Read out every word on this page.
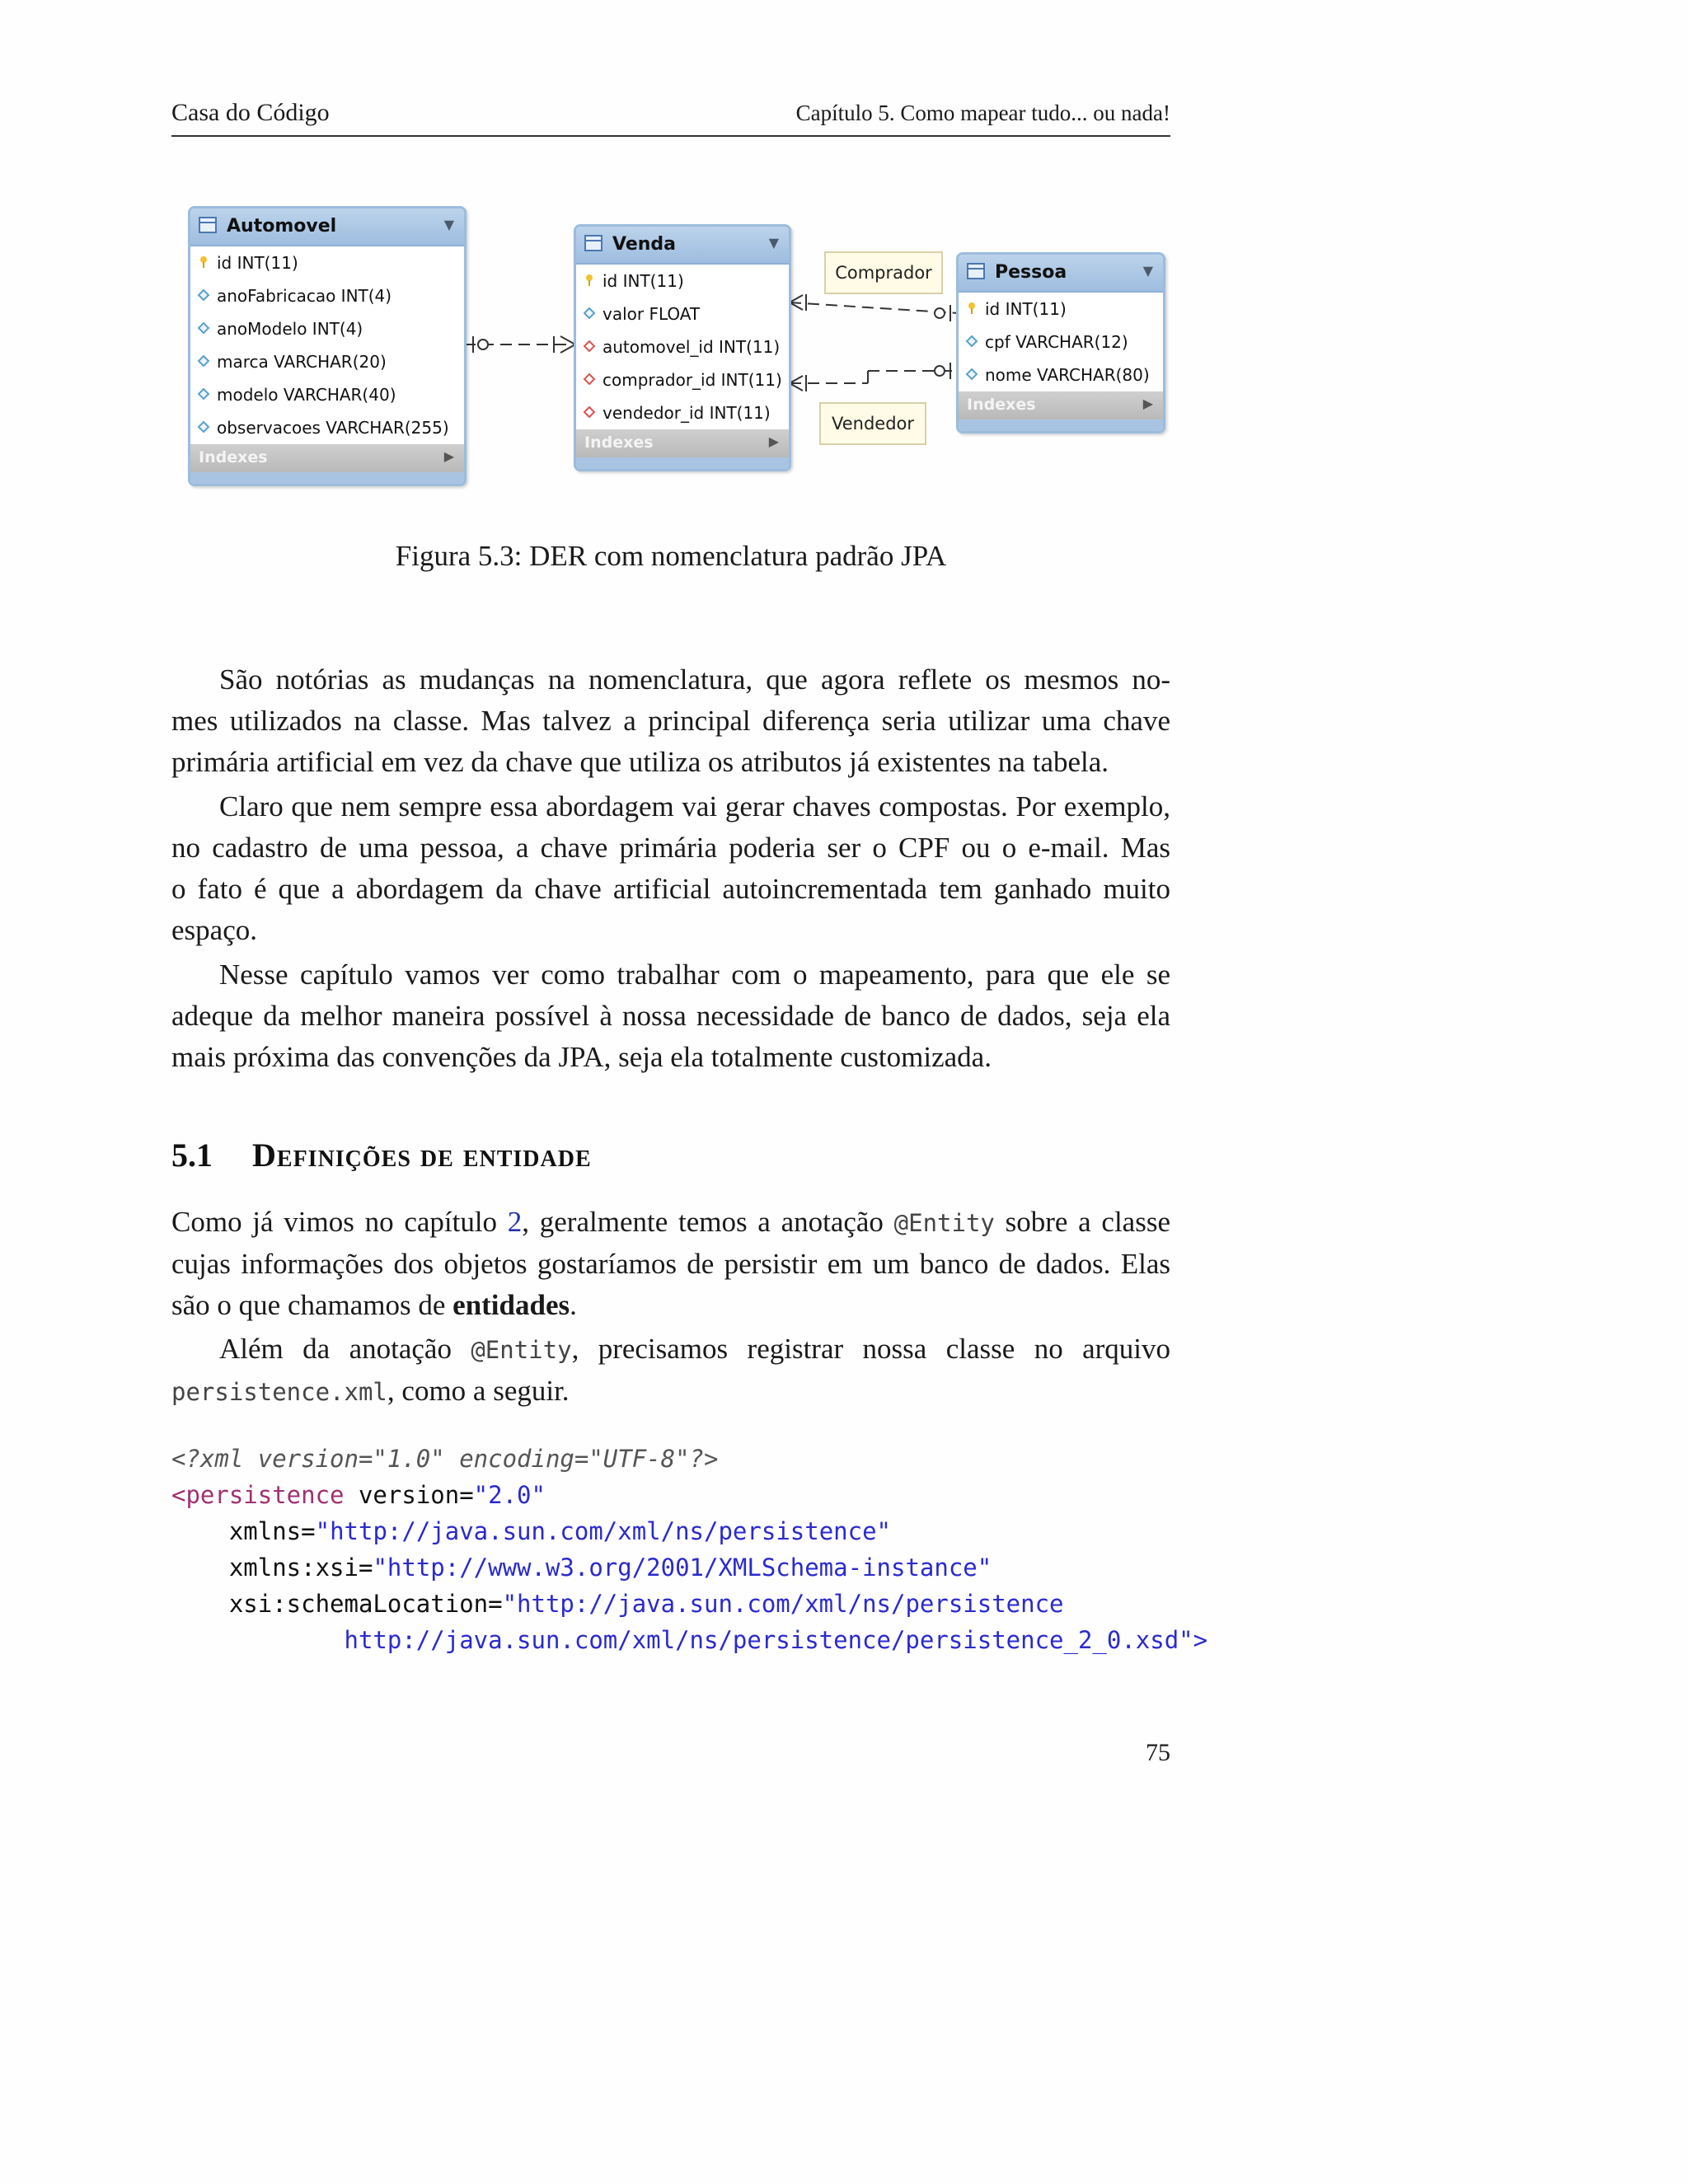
Casa do Código	Capítulo 5. Como mapear tudo... ou nada!
Automovel	▼
id INT(11)
anoFabricacao INT(4)
anoModelo INT(4)
marca VARCHAR(20)
modelo VARCHAR(40)
observacoes VARCHAR(255)
Indexes	▶
Venda	▼
id INT(11)
valor FLOAT
automovel_id INT(11)
comprador_id INT(11)
vendedor_id INT(11)
Indexes	▶
Pessoa	▼
id INT(11)
cpf VARCHAR(12)
nome VARCHAR(80)
Indexes	▶
Comprador
Vendedor
Figura 5.3: DER com nomenclatura padrão JPA

São notórias as mudanças na nomenclatura, que agora reflete os mesmos no-
mes utilizados na classe. Mas talvez a principal diferença seria utilizar uma chave
primária artificial em vez da chave que utiliza os atributos já existentes na tabela.

Claro que nem sempre essa abordagem vai gerar chaves compostas. Por exemplo,
no cadastro de uma pessoa, a chave primária poderia ser o CPF ou o e-mail. Mas
o fato é que a abordagem da chave artificial autoincrementada tem ganhado muito
espaço.

Nesse capítulo vamos ver como trabalhar com o mapeamento, para que ele se
adeque da melhor maneira possível à nossa necessidade de banco de dados, seja ela
mais próxima das convenções da JPA, seja ela totalmente customizada.

5.1 Definições de entidade

Como já vimos no capítulo 2, geralmente temos a anotação @Entity sobre a classe
cujas informações dos objetos gostaríamos de persistir em um banco de dados. Elas
são o que chamamos de entidades.

Além da anotação @Entity, precisamos registrar nossa classe no arquivo
persistence.xml, como a seguir.

<?xml version="1.0" encoding="UTF-8"?>
<persistence version="2.0"
xmlns="http://java.sun.com/xml/ns/persistence"
xmlns:xsi="http://www.w3.org/2001/XMLSchema-instance"
xsi:schemaLocation="http://java.sun.com/xml/ns/persistence
http://java.sun.com/xml/ns/persistence/persistence_2_0.xsd">
75
